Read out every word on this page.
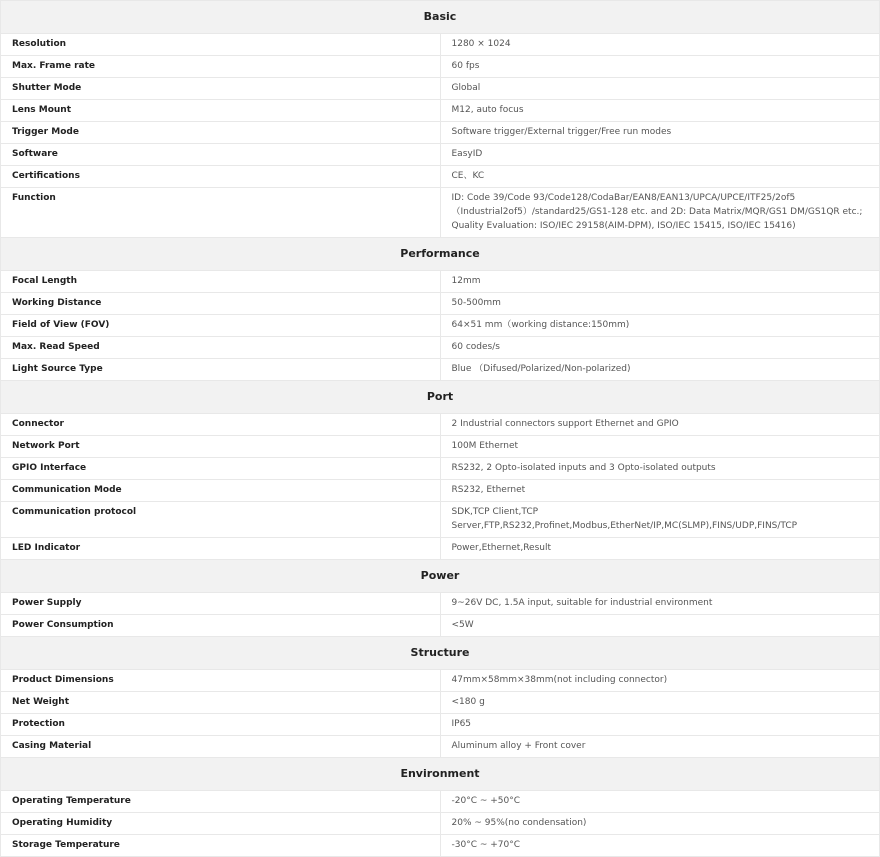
Basic	
Resolution	1280 × 1024
Max. Frame rate	60 fps
Shutter Mode	Global
Lens Mount	M12, auto focus
Trigger Mode	Software trigger/External trigger/Free run modes
Software	EasyID
Certifications	CE、KC
Function	ID: Code 39/Code 93/Code128/CodaBar/EAN8/EAN13/UPCA/UPCE/ITF25/2of5（Industrial2of5）/standard25/GS1-128 etc. and 2D: Data Matrix/MQR/GS1 DM/GS1QR etc.;
Quality Evaluation: ISO/IEC 29158(AIM-DPM), ISO/IEC 15415, ISO/IEC 15416)
Performance	
Focal Length	12mm
Working Distance	50-500mm
Field of View (FOV)	64×51 mm（working distance:150mm)
Max. Read Speed	60 codes/s
Light Source Type	Blue （Difused/Polarized/Non-polarized)
Port	
Connector	2 Industrial connectors support Ethernet and GPIO
Network Port	100M Ethernet
GPIO Interface	RS232, 2 Opto-isolated inputs and 3 Opto-isolated outputs
Communication Mode	RS232, Ethernet
Communication protocol	SDK,TCP Client,TCP Server,FTP,RS232,Profinet,Modbus,EtherNet/IP,MC(SLMP),FINS/UDP,FINS/TCP
LED Indicator	Power,Ethernet,Result
Power	
Power Supply	9~26V DC, 1.5A input, suitable for industrial environment
Power Consumption	<5W
Structure	
Product Dimensions	47mm×58mm×38mm(not including connector)
Net Weight	<180 g
Protection	IP65
Casing Material	Aluminum alloy + Front cover
Environment	
Operating Temperature	-20°C ~ +50°C
Operating Humidity	20% ~ 95%(no condensation)
Storage Temperature	-30°C ~ +70°C
